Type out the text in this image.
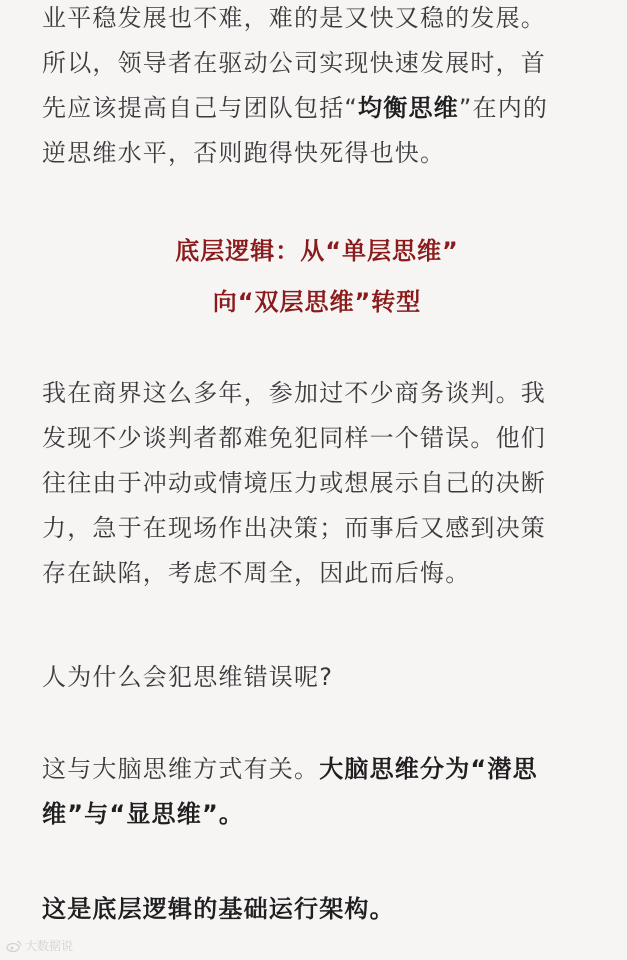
业平稳发展也不难，难的是又快又稳的发展。
所以，领导者在驱动公司实现快速发展时，首
先应该提高自己与团队包括“均衡思维”在内的
逆思维水平，否则跑得快死得也快。

底层逻辑：从“单层思维”
向“双层思维”转型

我在商界这么多年，参加过不少商务谈判。我
发现不少谈判者都难免犯同样一个错误。他们
往往由于冲动或情境压力或想展示自己的决断
力，急于在现场作出决策；而事后又感到决策
存在缺陷，考虑不周全，因此而后悔。

人为什么会犯思维错误呢?

这与大脑思维方式有关。大脑思维分为“潜思
维”与“显思维”。

这是底层逻辑的基础运行架构。

大数据说
